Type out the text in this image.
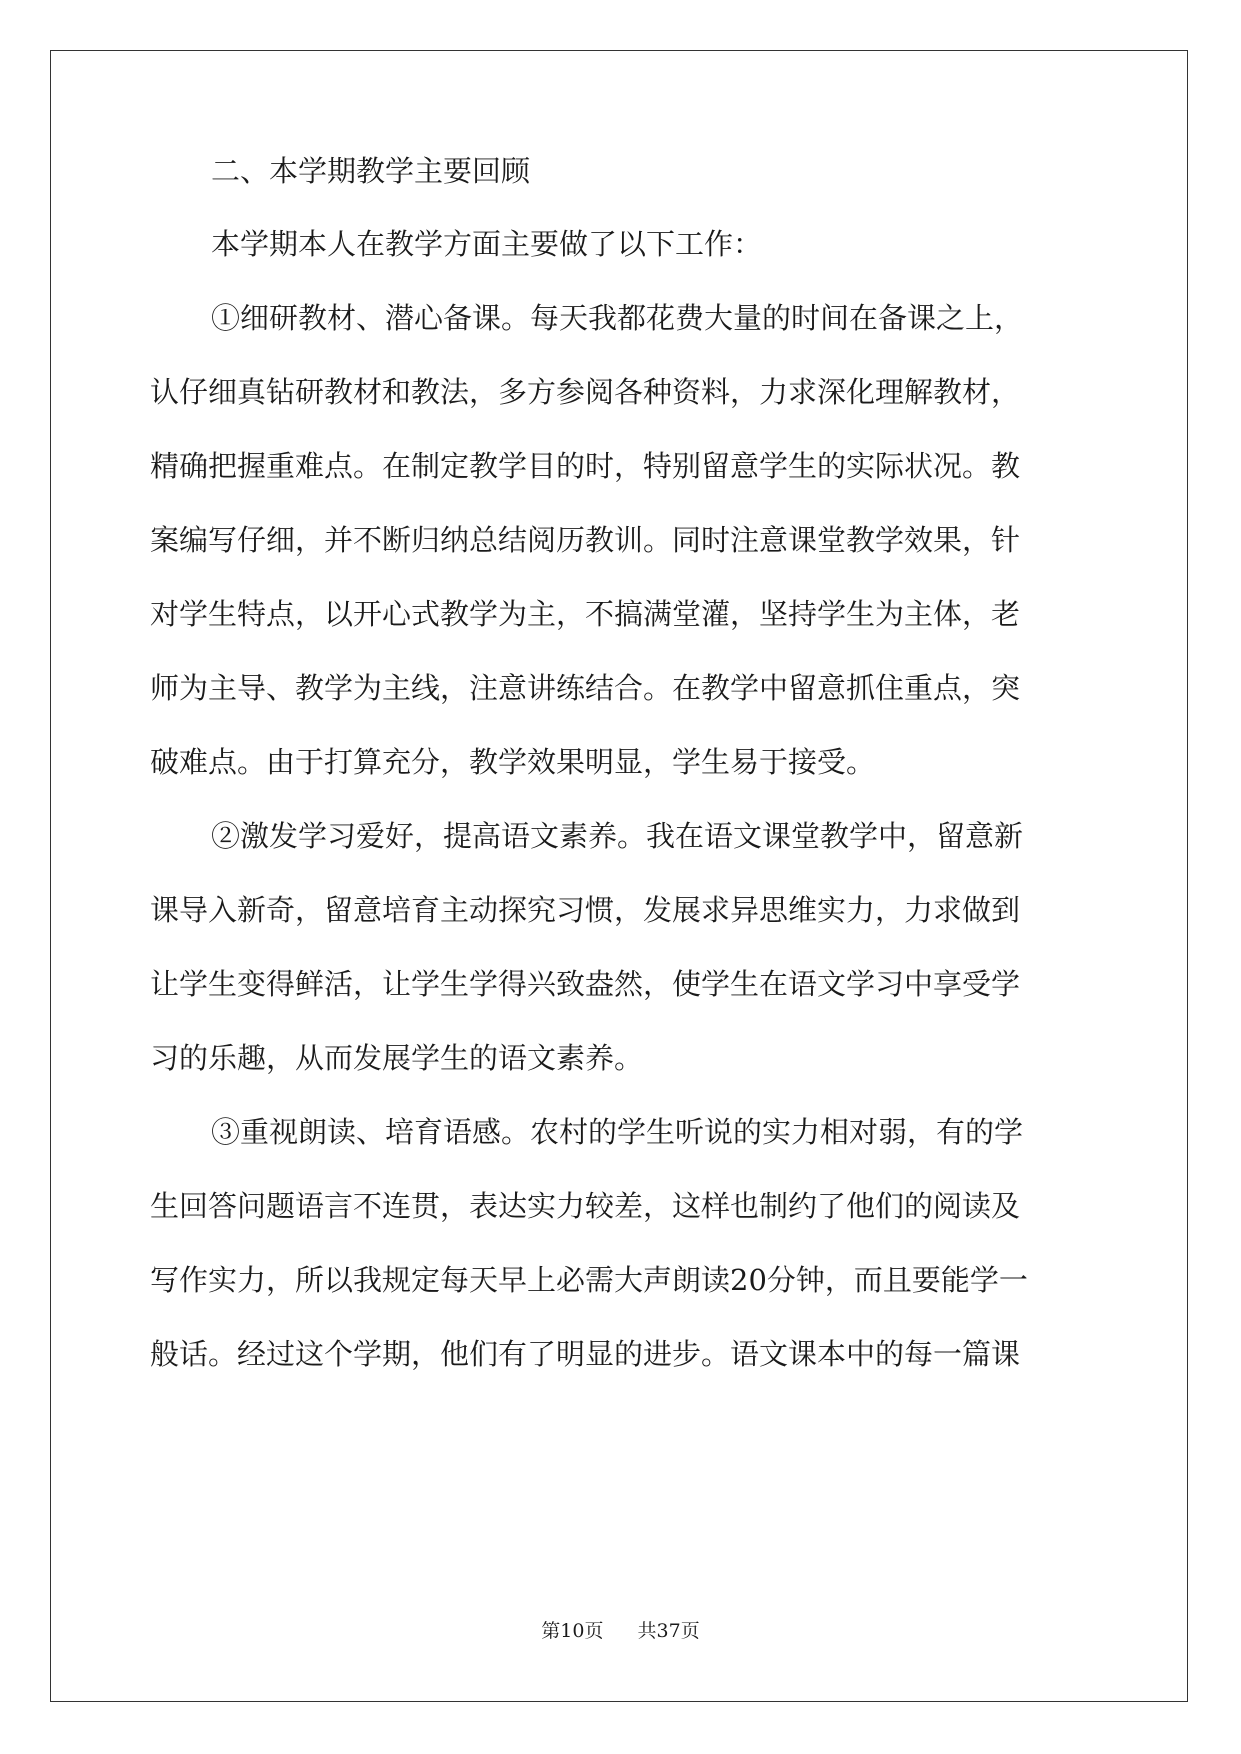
二、本学期教学主要回顾
本学期本人在教学方面主要做了以下工作：
①细研教材、潜心备课。每天我都花费大量的时间在备课之上，
认仔细真钻研教材和教法，多方参阅各种资料，力求深化理解教材，
精确把握重难点。在制定教学目的时，特别留意学生的实际状况。教
案编写仔细，并不断归纳总结阅历教训。同时注意课堂教学效果，针
对学生特点，以开心式教学为主，不搞满堂灌，坚持学生为主体，老
师为主导、教学为主线，注意讲练结合。在教学中留意抓住重点，突
破难点。由于打算充分，教学效果明显，学生易于接受。
②激发学习爱好，提高语文素养。我在语文课堂教学中，留意新
课导入新奇，留意培育主动探究习惯，发展求异思维实力，力求做到
让学生变得鲜活，让学生学得兴致盎然，使学生在语文学习中享受学
习的乐趣，从而发展学生的语文素养。
③重视朗读、培育语感。农村的学生听说的实力相对弱，有的学
生回答问题语言不连贯，表达实力较差，这样也制约了他们的阅读及
写作实力，所以我规定每天早上必需大声朗读20分钟，而且要能学一
般话。经过这个学期，他们有了明显的进步。语文课本中的每一篇课
第10页 共37页
